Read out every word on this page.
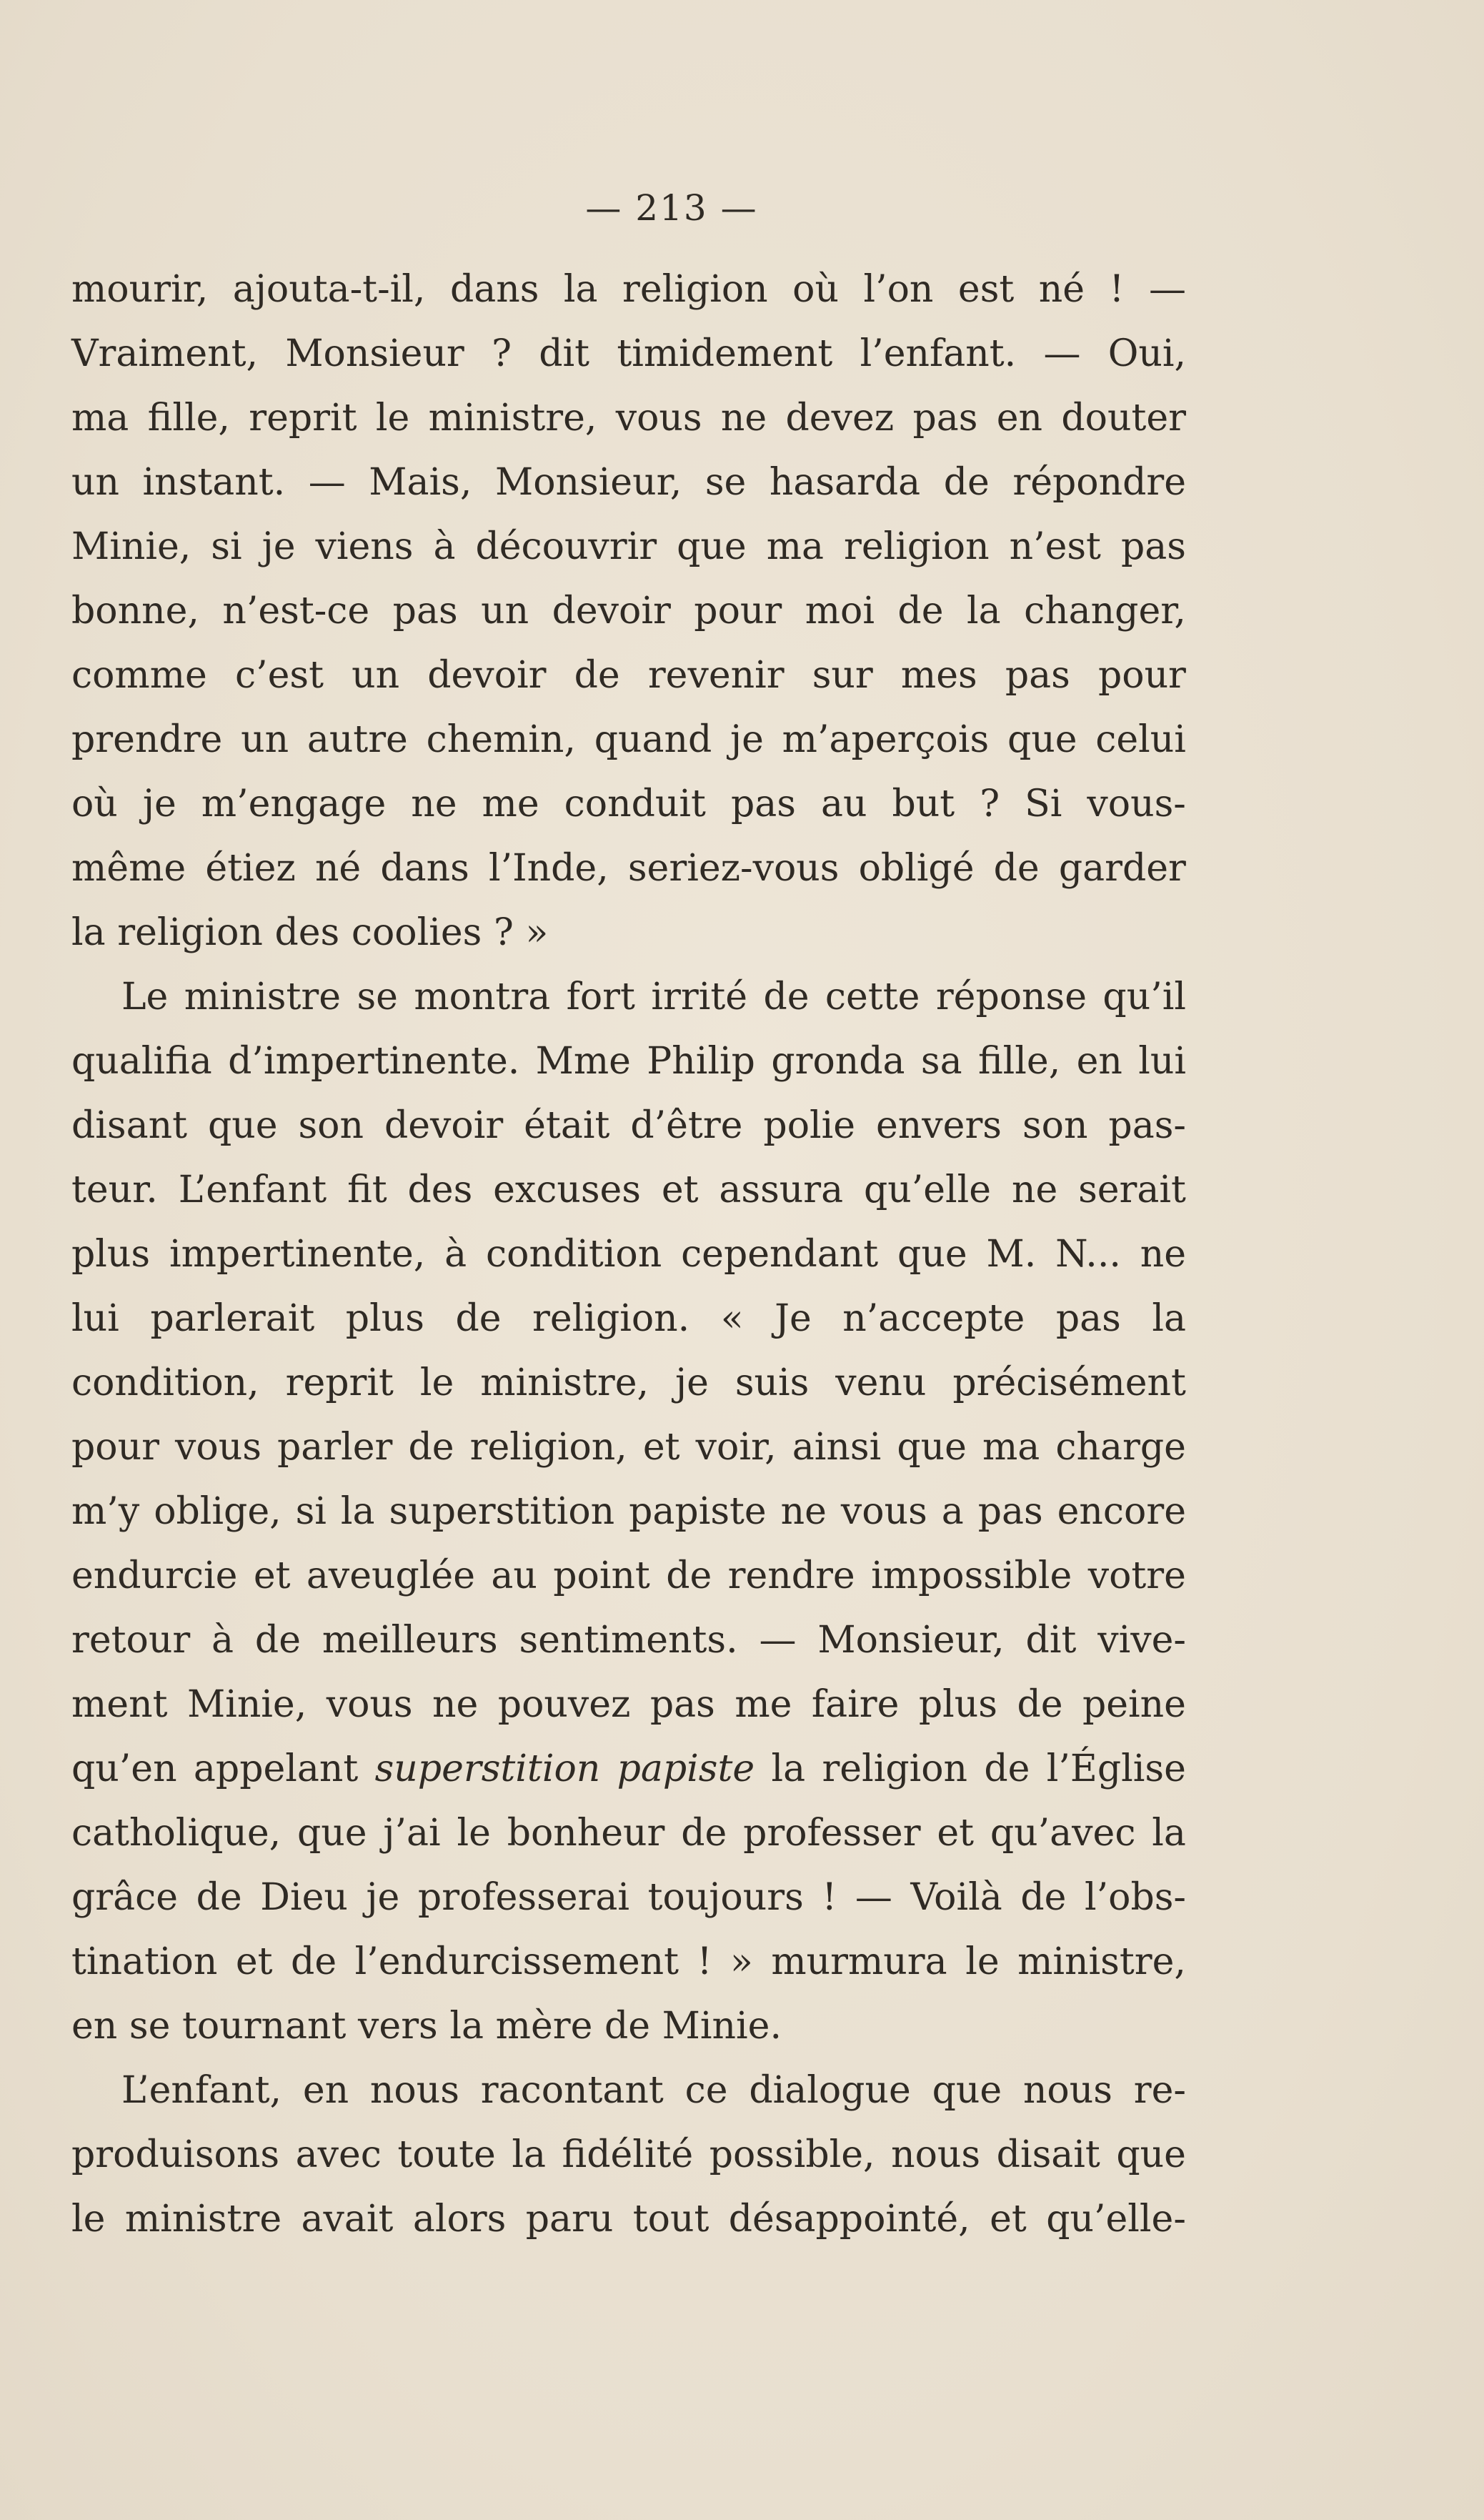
— 213 —
mourir, ajouta-t-il, dans la religion où l’on est né ! —
Vraiment, Monsieur ? dit timidement l’enfant. — Oui,
ma fille, reprit le ministre, vous ne devez pas en douter
un instant. — Mais, Monsieur, se hasarda de répondre
Minie, si je viens à découvrir que ma religion n’est pas
bonne, n’est-ce pas un devoir pour moi de la changer,
comme c’est un devoir de revenir sur mes pas pour
prendre un autre chemin, quand je m’aperçois que celui
où je m’engage ne me conduit pas au but ? Si vous-
même étiez né dans l’Inde, seriez-vous obligé de garder
la religion des coolies ? »
Le ministre se montra fort irrité de cette réponse qu’il
qualifia d’impertinente. Mme Philip gronda sa fille, en lui
disant que son devoir était d’être polie envers son pas-
teur. L’enfant fit des excuses et assura qu’elle ne serait
plus impertinente, à condition cependant que M. N... ne
lui parlerait plus de religion. « Je n’accepte pas la
condition, reprit le ministre, je suis venu précisément
pour vous parler de religion, et voir, ainsi que ma charge
m’y oblige, si la superstition papiste ne vous a pas encore
endurcie et aveuglée au point de rendre impossible votre
retour à de meilleurs sentiments. — Monsieur, dit vive-
ment Minie, vous ne pouvez pas me faire plus de peine
qu’en appelant superstition papiste la religion de l’Église
catholique, que j’ai le bonheur de professer et qu’avec la
grâce de Dieu je professerai toujours ! — Voilà de l’obs-
tination et de l’endurcissement ! » murmura le ministre,
en se tournant vers la mère de Minie.
L’enfant, en nous racontant ce dialogue que nous re-
produisons avec toute la fidélité possible, nous disait que
le ministre avait alors paru tout désappointé, et qu’elle-
